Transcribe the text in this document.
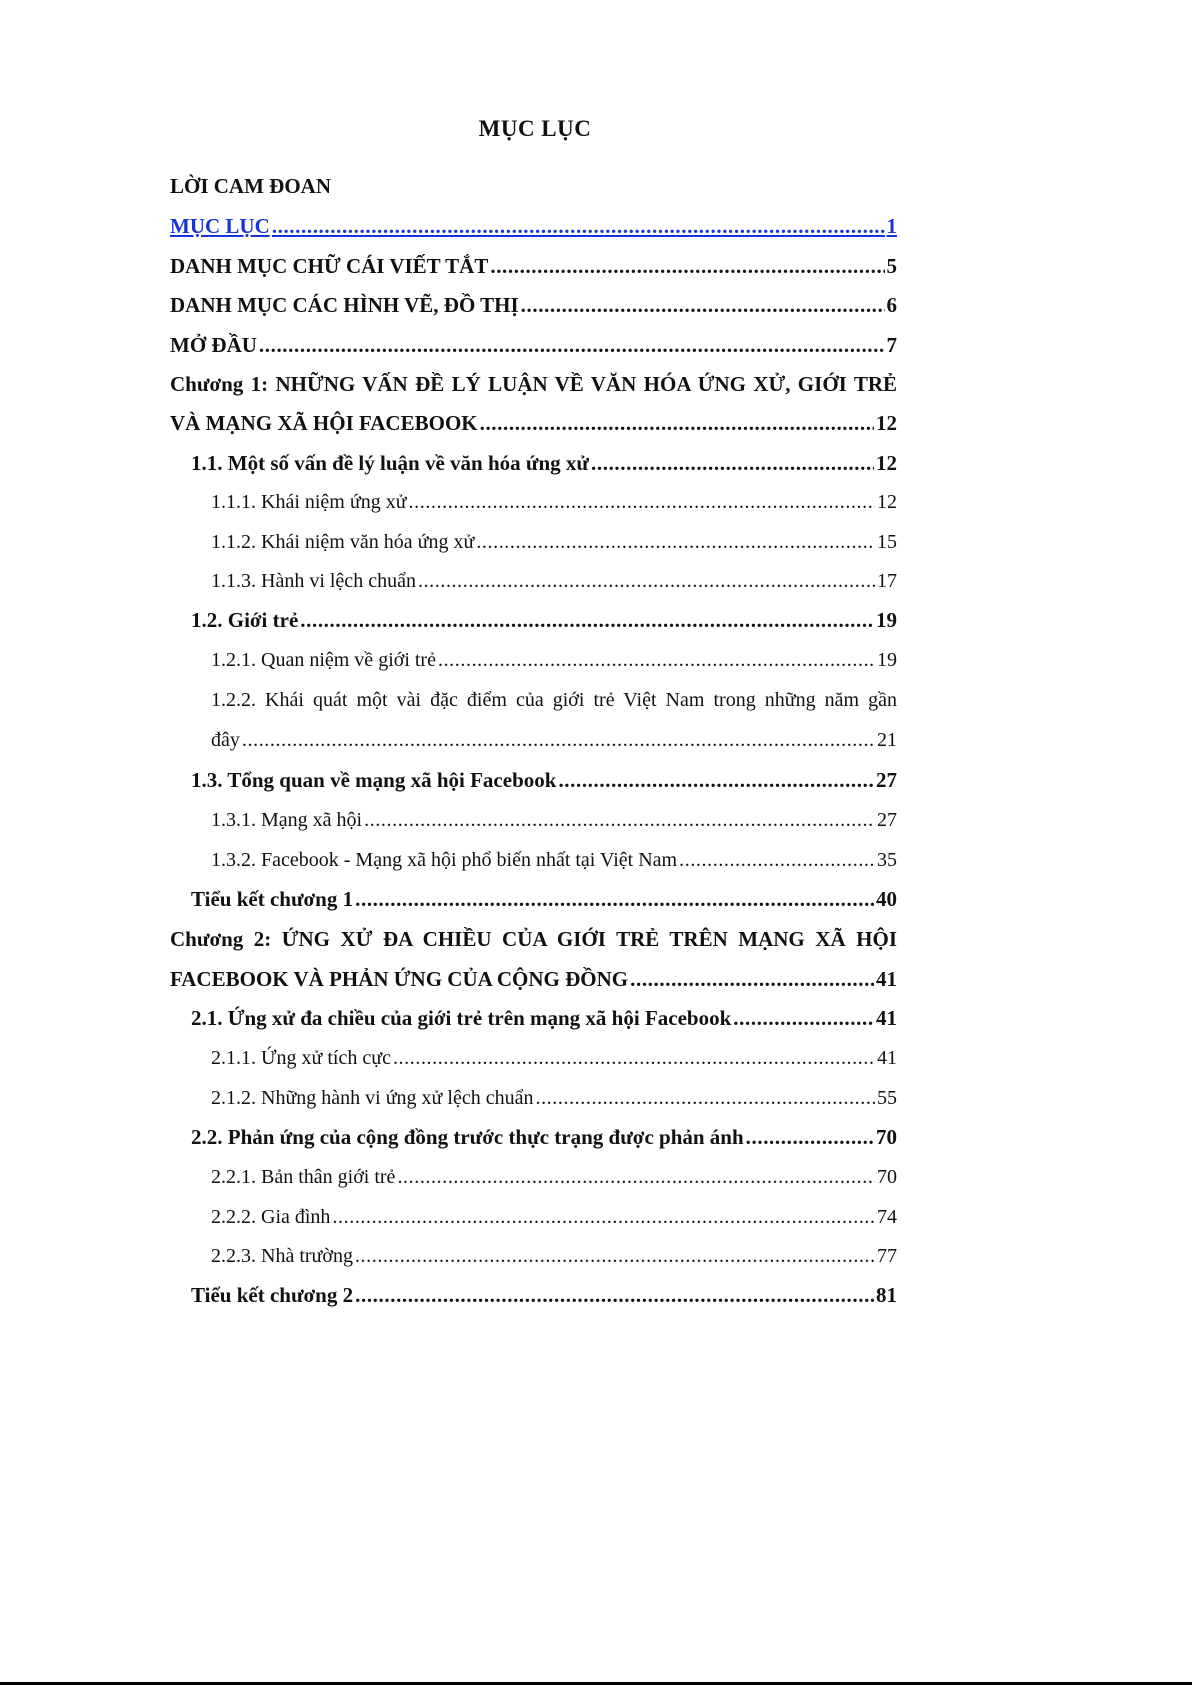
MỤC LỤC
LỜI CAM ĐOAN
MỤC LỤC .....	1
DANH MỤC CHỮ CÁI VIẾT TẮT .....	5
DANH MỤC CÁC HÌNH VẼ, ĐỒ THỊ .....	6
MỞ ĐẦU .....	7
Chương 1: NHỮNG VẤN ĐỀ LÝ LUẬN VỀ VĂN HÓA ỨNG XỬ, GIỚI TRẺ
VÀ MẠNG XÃ HỘI FACEBOOK .....	12
1.1. Một số vấn đề lý luận về văn hóa ứng xử .....	12
1.1.1. Khái niệm ứng xử .....	12
1.1.2. Khái niệm văn hóa ứng xử .....	15
1.1.3. Hành vi lệch chuẩn .....	17
1.2. Giới trẻ .....	19
1.2.1. Quan niệm về giới trẻ .....	19
1.2.2. Khái quát một vài đặc điểm của giới trẻ Việt Nam trong những năm gần
đây .....	21
1.3. Tổng quan về mạng xã hội Facebook .....	27
1.3.1. Mạng xã hội .....	27
1.3.2. Facebook - Mạng xã hội phổ biến nhất tại Việt Nam .....	35
Tiểu kết chương 1 .....	40
Chương 2: ỨNG XỬ ĐA CHIỀU CỦA GIỚI TRẺ TRÊN MẠNG XÃ HỘI
FACEBOOK VÀ PHẢN ỨNG CỦA CỘNG ĐỒNG .....	41
2.1. Ứng xử đa chiều của giới trẻ trên mạng xã hội Facebook .....	41
2.1.1. Ứng xử tích cực .....	41
2.1.2. Những hành vi ứng xử lệch chuẩn .....	55
2.2. Phản ứng của cộng đồng trước thực trạng được phản ánh .....	70
2.2.1. Bản thân giới trẻ .....	70
2.2.2. Gia đình .....	74
2.2.3. Nhà trường .....	77
Tiểu kết chương 2 .....	81
